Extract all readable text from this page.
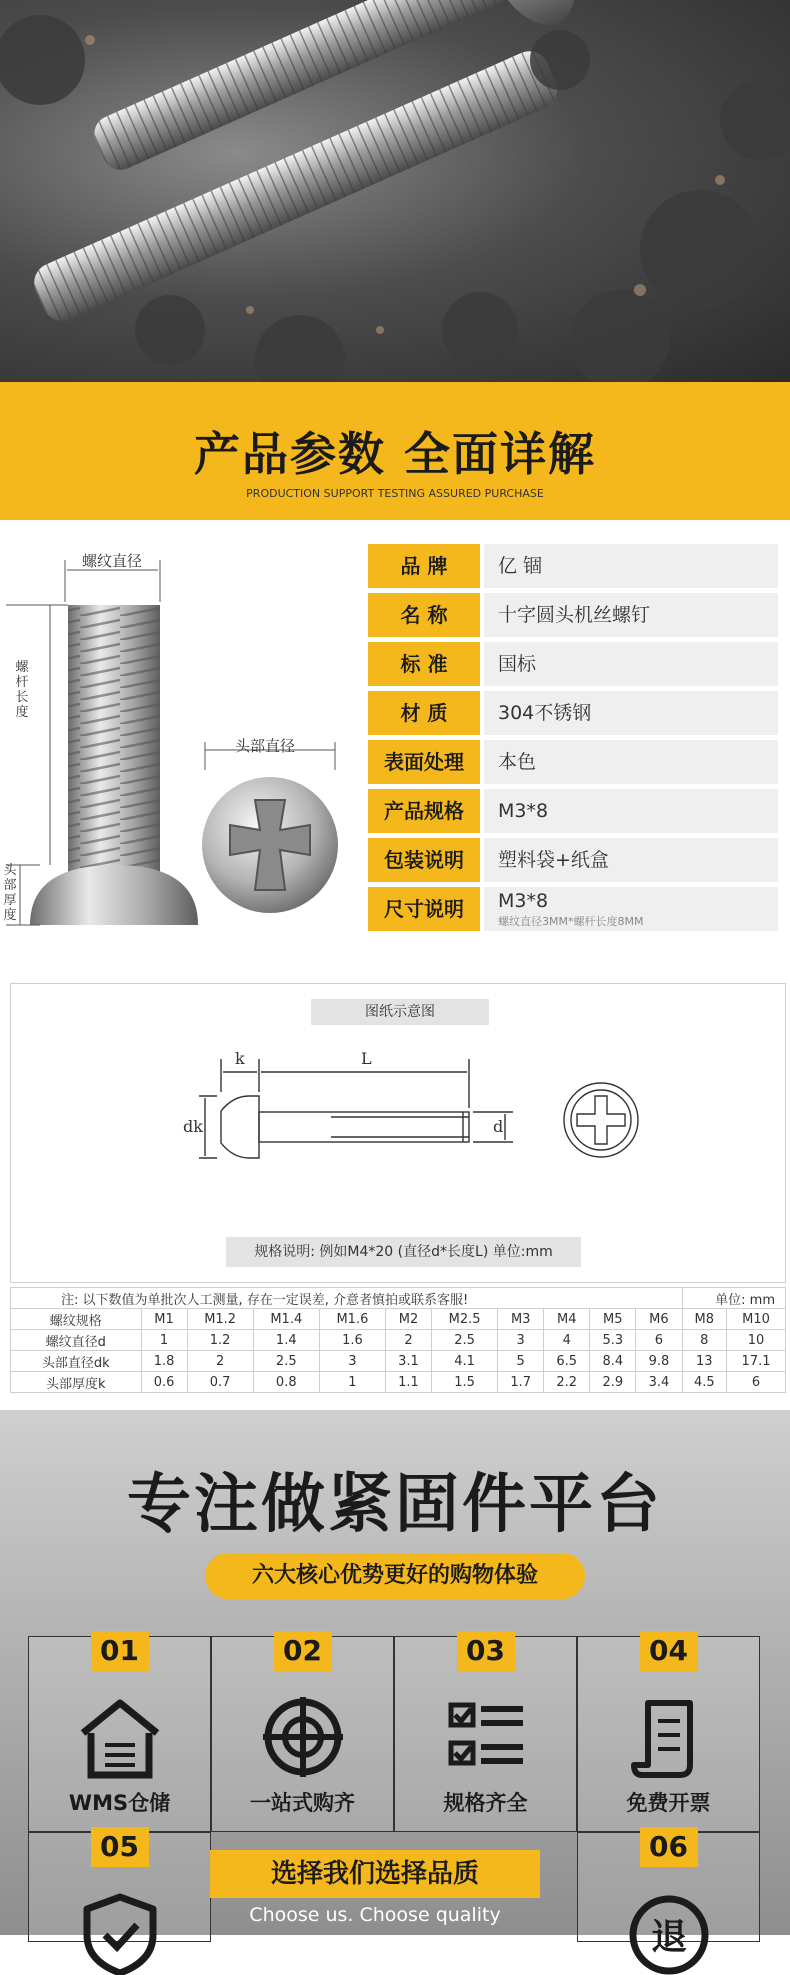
产品参数 全面详解
PRODUCTION SUPPORT TESTING ASSURED PURCHASE
螺纹直径
螺杆长度
头部厚度
头部直径
品 牌	亿 锢
名 称	十字圆头机丝螺钉
标 准	国标
材 质	304不锈钢
表面处理	本色
产品规格	M3*8
包装说明	塑料袋+纸盒
尺寸说明	M3*8
螺纹直径3MM*螺杆长度8MM
图纸示意图
k	L
dk	d
规格说明: 例如M4*20 (直径d*长度L) 单位:mm
注: 以下数值为单批次人工测量, 存在一定误差, 介意者慎拍或联系客服!											单位: mm	
螺纹规格	M1	M1.2	M1.4	M1.6	M2	M2.5	M3	M4	M5	M6	M8	M10
螺纹直径d	1	1.2	1.4	1.6	2	2.5	3	4	5.3	6	8	10
头部直径dk	1.8	2	2.5	3	3.1	4.1	5	6.5	8.4	9.8	13	17.1
头部厚度k	0.6	0.7	0.8	1	1.1	1.5	1.7	2.2	2.9	3.4	4.5	6
专注做紧固件平台
六大核心优势更好的购物体验
01
WMS仓储
02
一站式购齐
03
规格齐全
04
免费开票
05	06
退
选择我们选择品质
Choose us. Choose quality
